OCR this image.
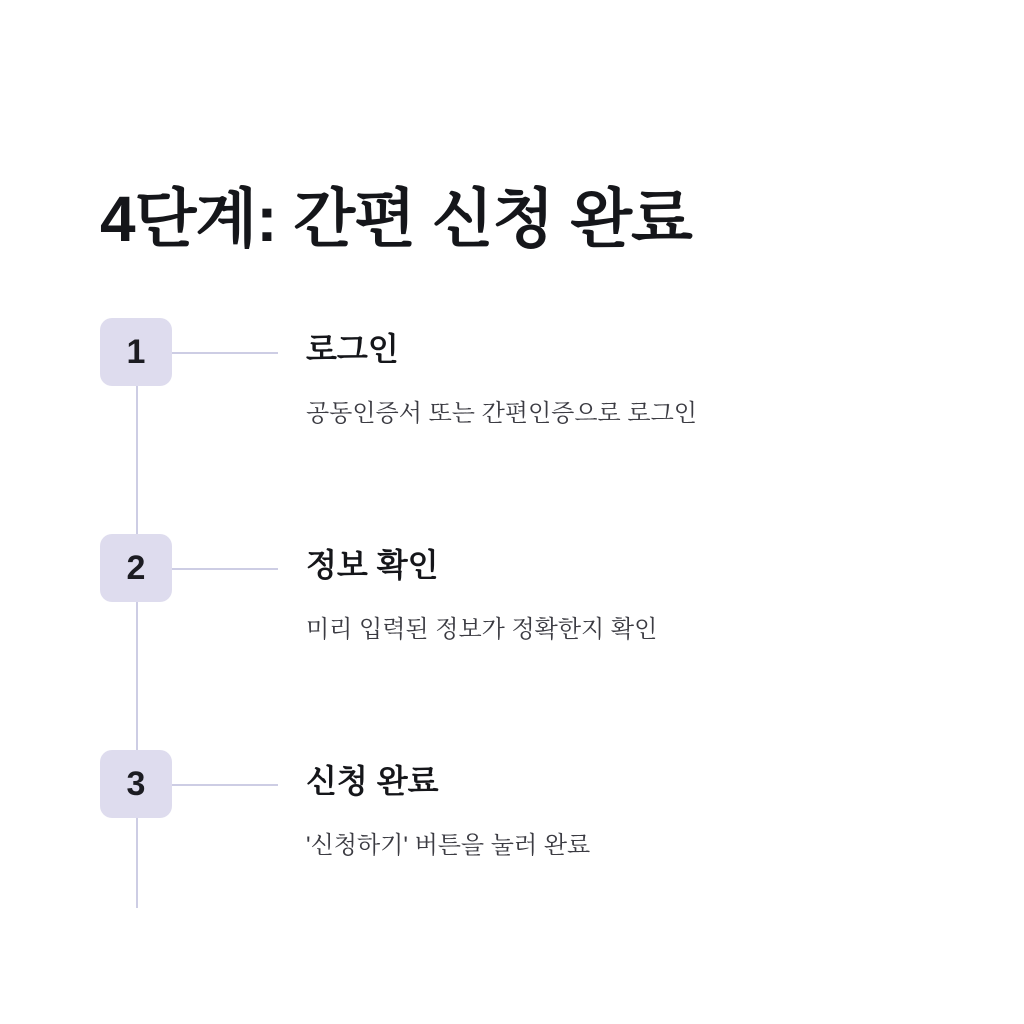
4단계: 간편 신청 완료
1	로그인
공동인증서 또는 간편인증으로 로그인
2	정보 확인
미리 입력된 정보가 정확한지 확인
3	신청 완료
'신청하기' 버튼을 눌러 완료
